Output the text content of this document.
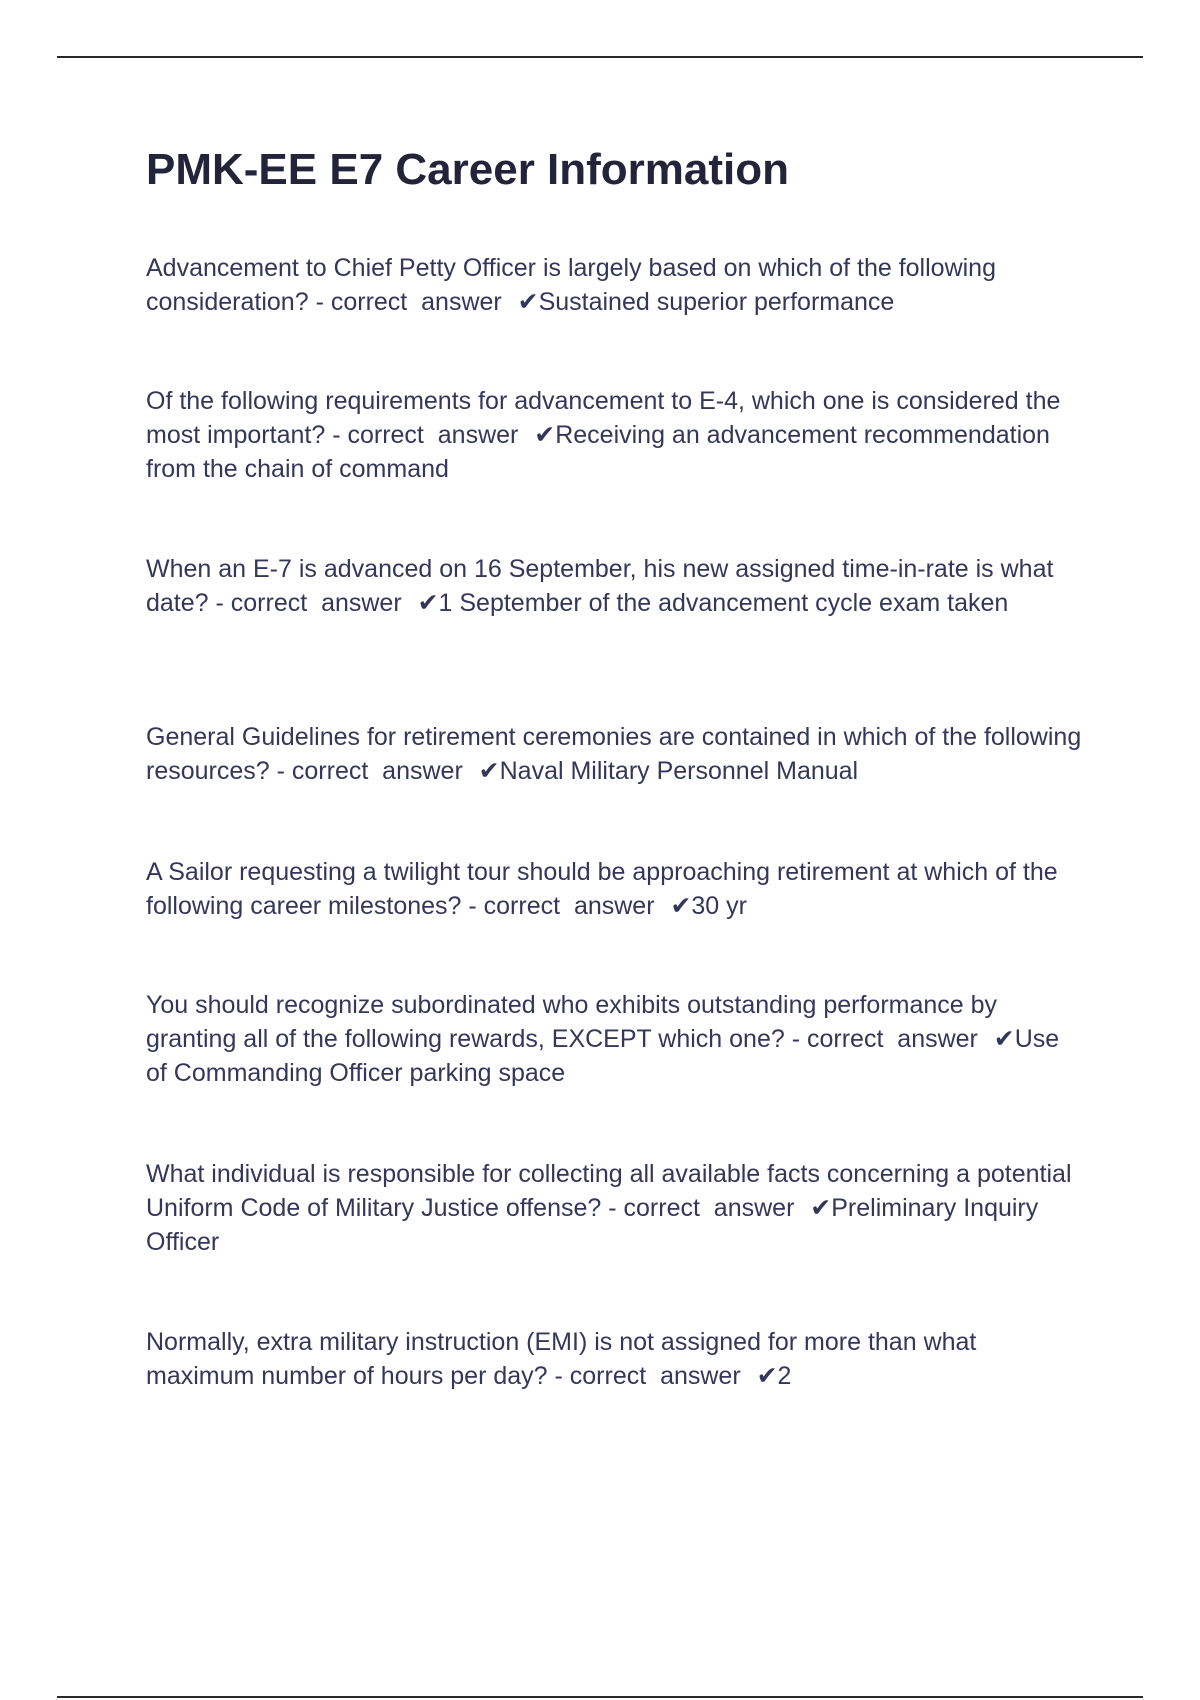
PMK-EE E7 Career Information

Advancement to Chief Petty Officer is largely based on which of the following consideration? - correct  answer  ✔Sustained superior performance

Of the following requirements for advancement to E-4, which one is considered the most important? - correct  answer  ✔Receiving an advancement recommendation from the chain of command

When an E-7 is advanced on 16 September, his new assigned time-in-rate is what date? - correct  answer  ✔1 September of the advancement cycle exam taken

General Guidelines for retirement ceremonies are contained in which of the following resources? - correct  answer  ✔Naval Military Personnel Manual

A Sailor requesting a twilight tour should be approaching retirement at which of the following career milestones? - correct  answer  ✔30 yr

You should recognize subordinated who exhibits outstanding performance by granting all of the following rewards, EXCEPT which one? - correct  answer  ✔Use of Commanding Officer parking space

What individual is responsible for collecting all available facts concerning a potential Uniform Code of Military Justice offense? - correct  answer  ✔Preliminary Inquiry Officer

Normally, extra military instruction (EMI) is not assigned for more than what maximum number of hours per day? - correct  answer  ✔2
